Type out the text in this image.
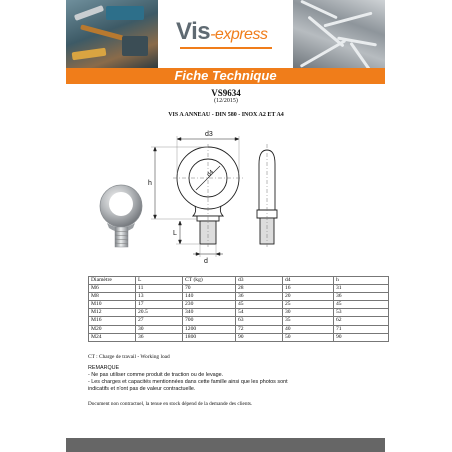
Vis-express
Fiche Technique
VS9634
(12/2015)
VIS A ANNEAU - DIN 580 - INOX A2 ET A4
d3
d4
h
L
d
Diamètre	L	CT (kg)	d3	d4	h
M6	11	70	28	16	31
M8	13	140	36	20	36
M10	17	230	45	25	45
M12	20.5	340	54	30	53
M16	27	700	63	35	62
M20	30	1200	72	40	71
M24	36	1800	90	50	90
CT : Charge de travail - Working load
REMARQUE
- Ne pas utiliser comme produit de traction ou de levage.
- Les charges et capacités mentionnées dans cette famille ainsi que les photos sont
indicatifs et n'ont pas de valeur contractuelle.
Document non contractuel, la tenue en stock dépend de la demande des clients.
